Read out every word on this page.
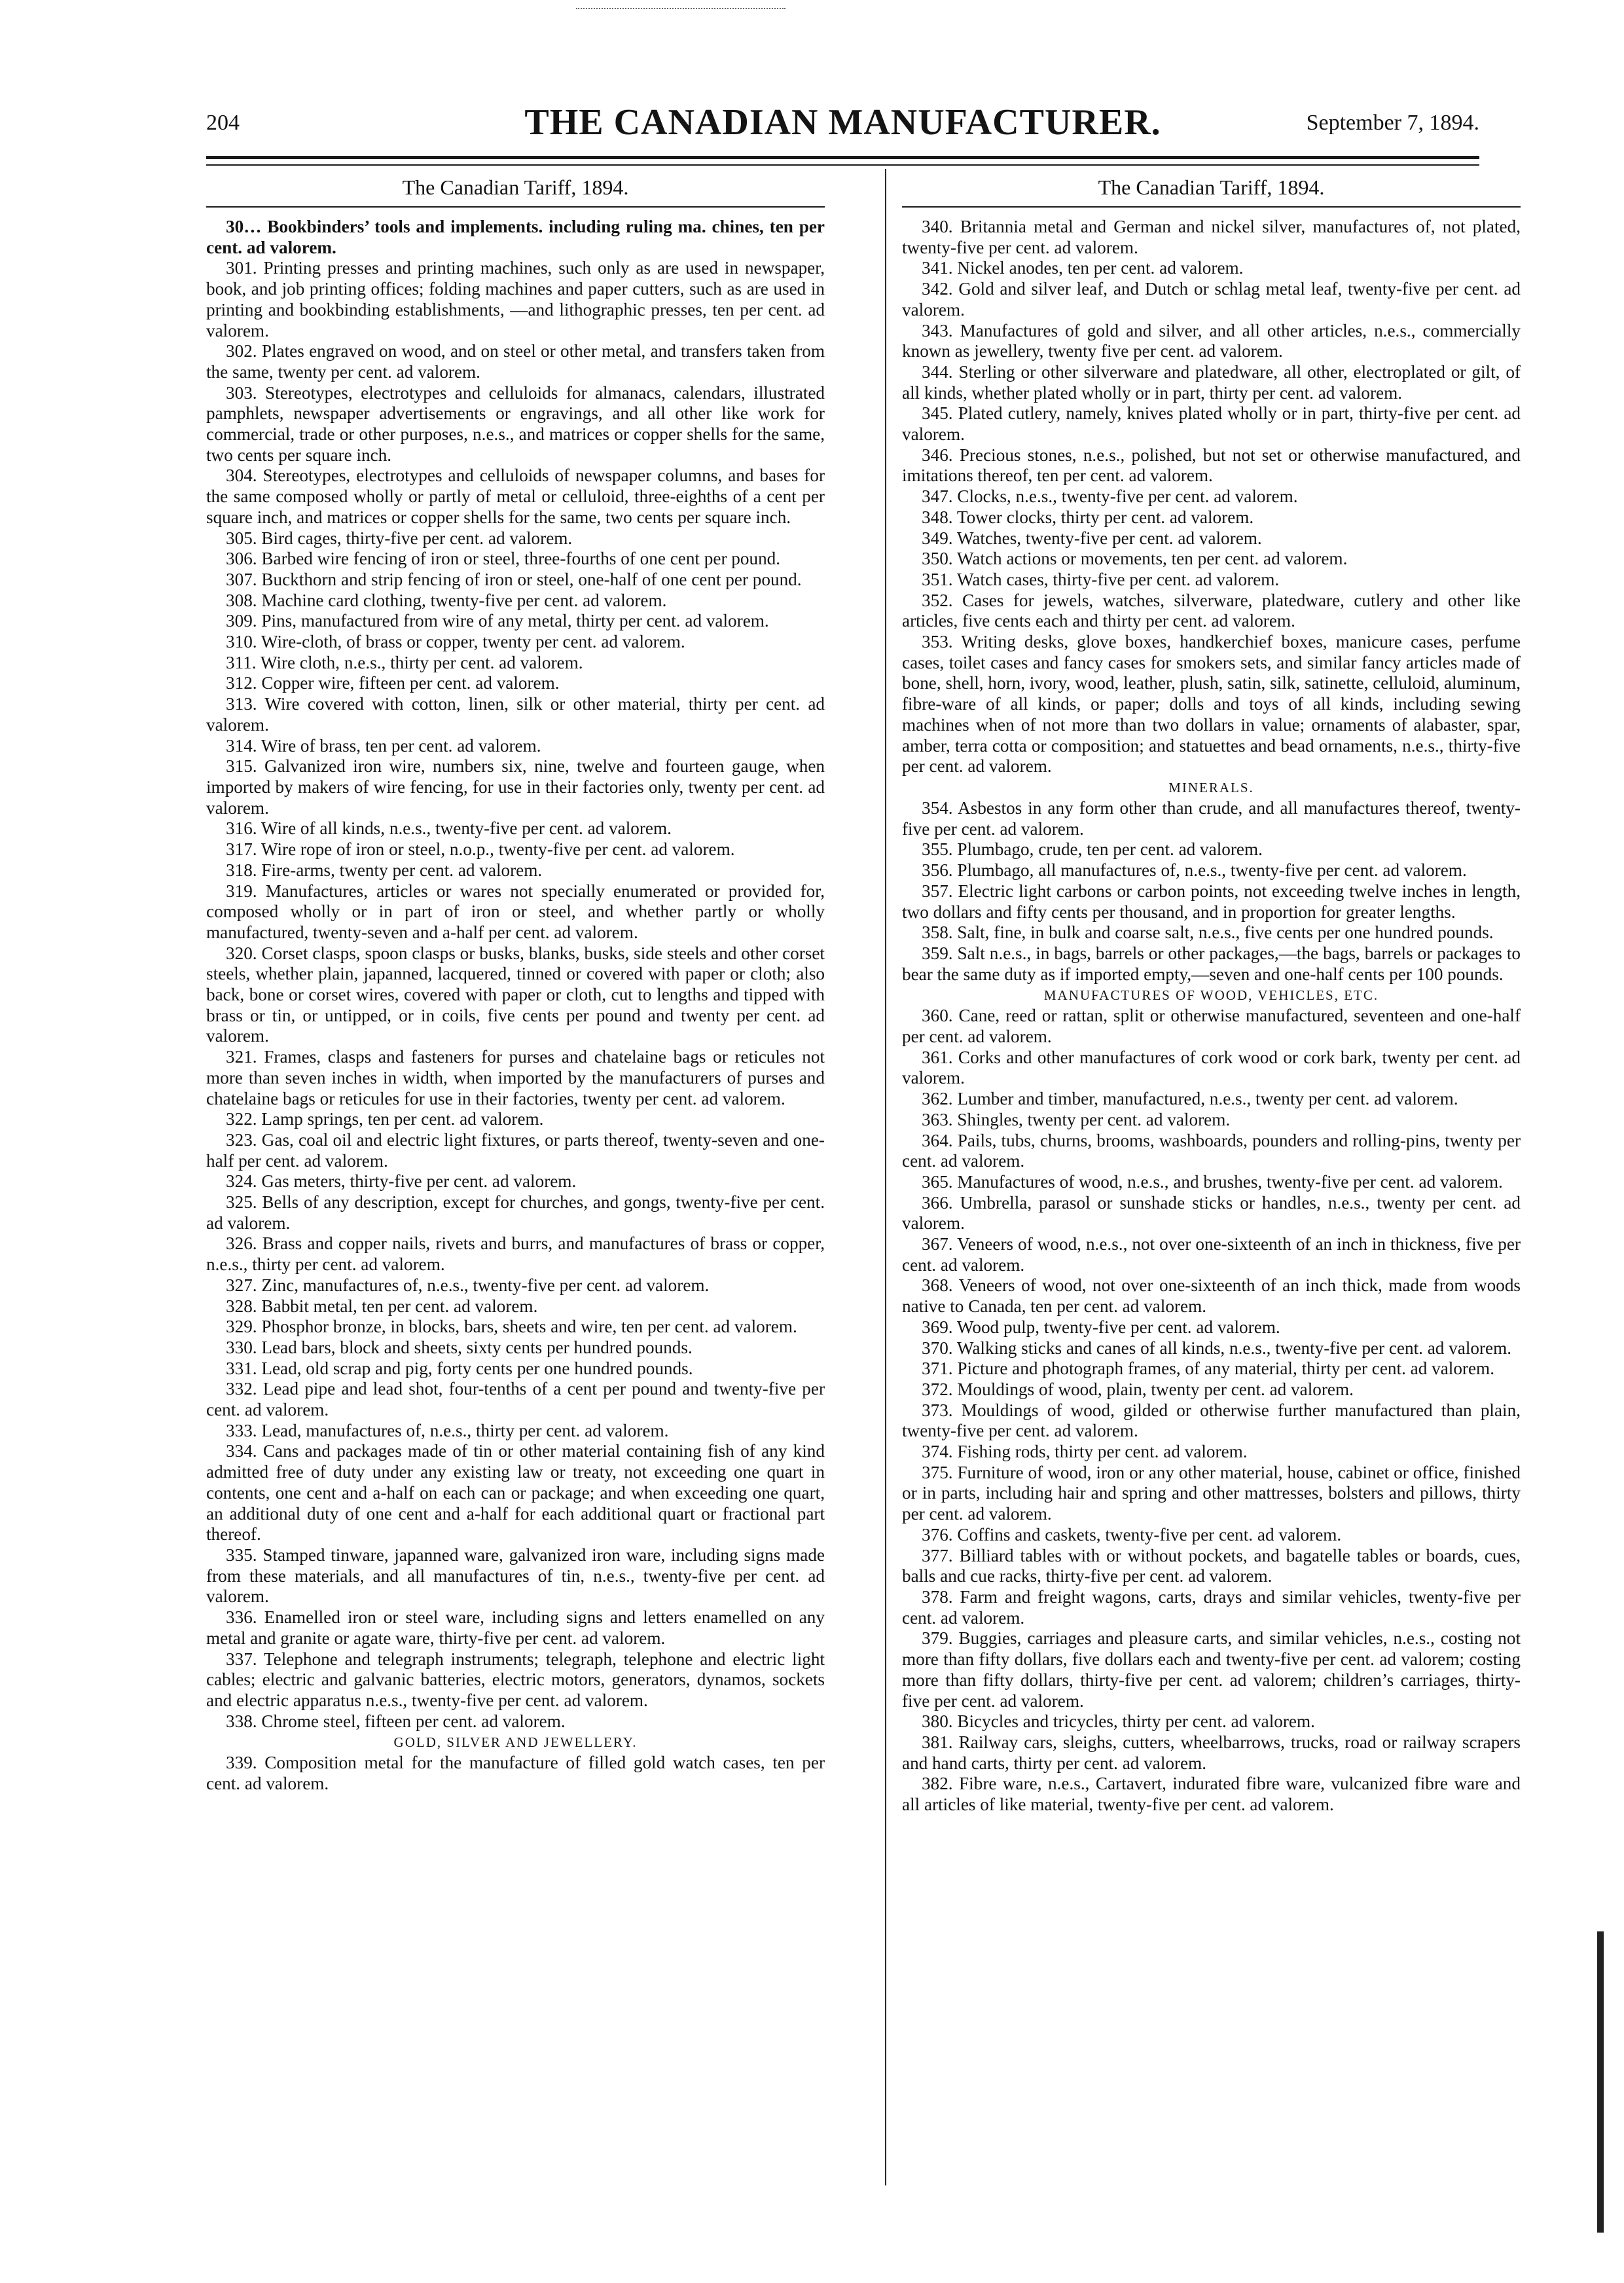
204	THE CANADIAN MANUFACTURER.	September 7, 1894.
The Canadian Tariff, 1894.

30… Bookbinders’ tools and implements. including ruling ma. chines, ten per cent. ad valorem.

301. Printing presses and printing machines, such only as are used in newspaper, book, and job printing offices; folding machines and paper cutters, such as are used in printing and bookbinding establishments, —and lithographic presses, ten per cent. ad valorem.

302. Plates engraved on wood, and on steel or other metal, and transfers taken from the same, twenty per cent. ad valorem.

303. Stereotypes, electrotypes and celluloids for almanacs, calendars, illustrated pamphlets, newspaper advertisements or engravings, and all other like work for commercial, trade or other purposes, n.e.s., and matrices or copper shells for the same, two cents per square inch.

304. Stereotypes, electrotypes and celluloids of newspaper columns, and bases for the same composed wholly or partly of metal or celluloid, three-eighths of a cent per square inch, and matrices or copper shells for the same, two cents per square inch.

305. Bird cages, thirty-five per cent. ad valorem.

306. Barbed wire fencing of iron or steel, three-fourths of one cent per pound.

307. Buckthorn and strip fencing of iron or steel, one-half of one cent per pound.

308. Machine card clothing, twenty-five per cent. ad valorem.

309. Pins, manufactured from wire of any metal, thirty per cent. ad valorem.

310. Wire-cloth, of brass or copper, twenty per cent. ad valorem.

311. Wire cloth, n.e.s., thirty per cent. ad valorem.

312. Copper wire, fifteen per cent. ad valorem.

313. Wire covered with cotton, linen, silk or other material, thirty per cent. ad valorem.

314. Wire of brass, ten per cent. ad valorem.

315. Galvanized iron wire, numbers six, nine, twelve and fourteen gauge, when imported by makers of wire fencing, for use in their factories only, twenty per cent. ad valorem.

316. Wire of all kinds, n.e.s., twenty-five per cent. ad valorem.

317. Wire rope of iron or steel, n.o.p., twenty-five per cent. ad valorem.

318. Fire-arms, twenty per cent. ad valorem.

319. Manufactures, articles or wares not specially enumerated or provided for, composed wholly or in part of iron or steel, and whether partly or wholly manufactured, twenty-seven and a-half per cent. ad valorem.

320. Corset clasps, spoon clasps or busks, blanks, busks, side steels and other corset steels, whether plain, japanned, lacquered, tinned or covered with paper or cloth; also back, bone or corset wires, covered with paper or cloth, cut to lengths and tipped with brass or tin, or untipped, or in coils, five cents per pound and twenty per cent. ad valorem.

321. Frames, clasps and fasteners for purses and chatelaine bags or reticules not more than seven inches in width, when imported by the manufacturers of purses and chatelaine bags or reticules for use in their factories, twenty per cent. ad valorem.

322. Lamp springs, ten per cent. ad valorem.

323. Gas, coal oil and electric light fixtures, or parts thereof, twenty-seven and one-half per cent. ad valorem.

324. Gas meters, thirty-five per cent. ad valorem.

325. Bells of any description, except for churches, and gongs, twenty-five per cent. ad valorem.

326. Brass and copper nails, rivets and burrs, and manufactures of brass or copper, n.e.s., thirty per cent. ad valorem.

327. Zinc, manufactures of, n.e.s., twenty-five per cent. ad valorem.

328. Babbit metal, ten per cent. ad valorem.

329. Phosphor bronze, in blocks, bars, sheets and wire, ten per cent. ad valorem.

330. Lead bars, block and sheets, sixty cents per hundred pounds.

331. Lead, old scrap and pig, forty cents per one hundred pounds.

332. Lead pipe and lead shot, four-tenths of a cent per pound and twenty-five per cent. ad valorem.

333. Lead, manufactures of, n.e.s., thirty per cent. ad valorem.

334. Cans and packages made of tin or other material containing fish of any kind admitted free of duty under any existing law or treaty, not exceeding one quart in contents, one cent and a-half on each can or package; and when exceeding one quart, an additional duty of one cent and a-half for each additional quart or fractional part thereof.

335. Stamped tinware, japanned ware, galvanized iron ware, including signs made from these materials, and all manufactures of tin, n.e.s., twenty-five per cent. ad valorem.

336. Enamelled iron or steel ware, including signs and letters enamelled on any metal and granite or agate ware, thirty-five per cent. ad valorem.

337. Telephone and telegraph instruments; telegraph, telephone and electric light cables; electric and galvanic batteries, electric motors, generators, dynamos, sockets and electric apparatus n.e.s., twenty-five per cent. ad valorem.

338. Chrome steel, fifteen per cent. ad valorem.

GOLD, SILVER AND JEWELLERY.

339. Composition metal for the manufacture of filled gold watch cases, ten per cent. ad valorem.

The Canadian Tariff, 1894.

340. Britannia metal and German and nickel silver, manufactures of, not plated, twenty-five per cent. ad valorem.

341. Nickel anodes, ten per cent. ad valorem.

342. Gold and silver leaf, and Dutch or schlag metal leaf, twenty-five per cent. ad valorem.

343. Manufactures of gold and silver, and all other articles, n.e.s., commercially known as jewellery, twenty five per cent. ad valorem.

344. Sterling or other silverware and platedware, all other, electroplated or gilt, of all kinds, whether plated wholly or in part, thirty per cent. ad valorem.

345. Plated cutlery, namely, knives plated wholly or in part, thirty-five per cent. ad valorem.

346. Precious stones, n.e.s., polished, but not set or otherwise manufactured, and imitations thereof, ten per cent. ad valorem.

347. Clocks, n.e.s., twenty-five per cent. ad valorem.

348. Tower clocks, thirty per cent. ad valorem.

349. Watches, twenty-five per cent. ad valorem.

350. Watch actions or movements, ten per cent. ad valorem.

351. Watch cases, thirty-five per cent. ad valorem.

352. Cases for jewels, watches, silverware, platedware, cutlery and other like articles, five cents each and thirty per cent. ad valorem.

353. Writing desks, glove boxes, handkerchief boxes, manicure cases, perfume cases, toilet cases and fancy cases for smokers sets, and similar fancy articles made of bone, shell, horn, ivory, wood, leather, plush, satin, silk, satinette, celluloid, aluminum, fibre-ware of all kinds, or paper; dolls and toys of all kinds, including sewing machines when of not more than two dollars in value; ornaments of alabaster, spar, amber, terra cotta or composition; and statuettes and bead ornaments, n.e.s., thirty-five per cent. ad valorem.

MINERALS.

354. Asbestos in any form other than crude, and all manufactures thereof, twenty-five per cent. ad valorem.

355. Plumbago, crude, ten per cent. ad valorem.

356. Plumbago, all manufactures of, n.e.s., twenty-five per cent. ad valorem.

357. Electric light carbons or carbon points, not exceeding twelve inches in length, two dollars and fifty cents per thousand, and in proportion for greater lengths.

358. Salt, fine, in bulk and coarse salt, n.e.s., five cents per one hundred pounds.

359. Salt n.e.s., in bags, barrels or other packages,—the bags, barrels or packages to bear the same duty as if imported empty,—seven and one-half cents per 100 pounds.

MANUFACTURES OF WOOD, VEHICLES, ETC.

360. Cane, reed or rattan, split or otherwise manufactured, seventeen and one-half per cent. ad valorem.

361. Corks and other manufactures of cork wood or cork bark, twenty per cent. ad valorem.

362. Lumber and timber, manufactured, n.e.s., twenty per cent. ad valorem.

363. Shingles, twenty per cent. ad valorem.

364. Pails, tubs, churns, brooms, washboards, pounders and rolling-pins, twenty per cent. ad valorem.

365. Manufactures of wood, n.e.s., and brushes, twenty-five per cent. ad valorem.

366. Umbrella, parasol or sunshade sticks or handles, n.e.s., twenty per cent. ad valorem.

367. Veneers of wood, n.e.s., not over one-sixteenth of an inch in thickness, five per cent. ad valorem.

368. Veneers of wood, not over one-sixteenth of an inch thick, made from woods native to Canada, ten per cent. ad valorem.

369. Wood pulp, twenty-five per cent. ad valorem.

370. Walking sticks and canes of all kinds, n.e.s., twenty-five per cent. ad valorem.

371. Picture and photograph frames, of any material, thirty per cent. ad valorem.

372. Mouldings of wood, plain, twenty per cent. ad valorem.

373. Mouldings of wood, gilded or otherwise further manufactured than plain, twenty-five per cent. ad valorem.

374. Fishing rods, thirty per cent. ad valorem.

375. Furniture of wood, iron or any other material, house, cabinet or office, finished or in parts, including hair and spring and other mattresses, bolsters and pillows, thirty per cent. ad valorem.

376. Coffins and caskets, twenty-five per cent. ad valorem.

377. Billiard tables with or without pockets, and bagatelle tables or boards, cues, balls and cue racks, thirty-five per cent. ad valorem.

378. Farm and freight wagons, carts, drays and similar vehicles, twenty-five per cent. ad valorem.

379. Buggies, carriages and pleasure carts, and similar vehicles, n.e.s., costing not more than fifty dollars, five dollars each and twenty-five per cent. ad valorem; costing more than fifty dollars, thirty-five per cent. ad valorem; children’s carriages, thirty-five per cent. ad valorem.

380. Bicycles and tricycles, thirty per cent. ad valorem.

381. Railway cars, sleighs, cutters, wheelbarrows, trucks, road or railway scrapers and hand carts, thirty per cent. ad valorem.

382. Fibre ware, n.e.s., Cartavert, indurated fibre ware, vulcanized fibre ware and all articles of like material, twenty-five per cent. ad valorem.
